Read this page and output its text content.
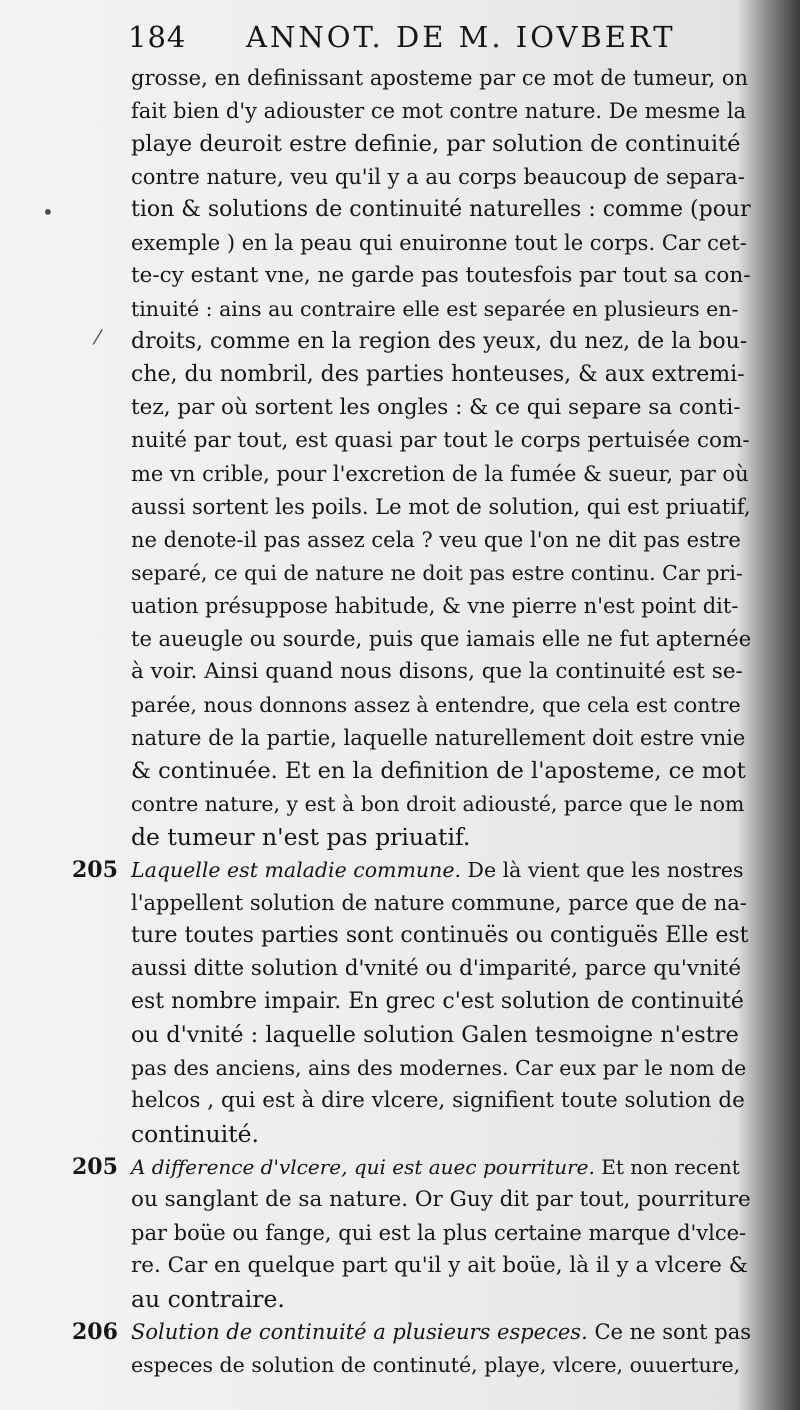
184 ANNOT. DE M. IOVBERT
grosse, en definissant aposteme par ce mot de tumeur, on
fait bien d'y adiouster ce mot contre nature. De mesme la
playe deuroit estre definie, par solution de continuité
contre nature, veu qu'il y a au corps beaucoup de separa-
tion & solutions de continuité naturelles : comme (pour
exemple ) en la peau qui enuironne tout le corps. Car cet-
te-cy estant vne, ne garde pas toutesfois par tout sa con-
tinuité : ains au contraire elle est separée en plusieurs en-
droits, comme en la region des yeux, du nez, de la bou-
che, du nombril, des parties honteuses, & aux extremi-
tez, par où sortent les ongles : & ce qui separe sa conti-
nuité par tout, est quasi par tout le corps pertuisée com-
me vn crible, pour l'excretion de la fumée & sueur, par où
aussi sortent les poils. Le mot de solution, qui est priuatif,
ne denote-il pas assez cela ? veu que l'on ne dit pas estre
separé, ce qui de nature ne doit pas estre continu. Car pri-
uation présuppose habitude, & vne pierre n'est point dit-
te aueugle ou sourde, puis que iamais elle ne fut apternée
à voir. Ainsi quand nous disons, que la continuité est se-
parée, nous donnons assez à entendre, que cela est contre
nature de la partie, laquelle naturellement doit estre vnie
& continuée. Et en la definition de l'aposteme, ce mot
contre nature, y est à bon droit adiousté, parce que le nom
de tumeur n'est pas priuatif.
205 Laquelle est maladie commune. De là vient que les nostres
l'appellent solution de nature commune, parce que de na-
ture toutes parties sont continuës ou contiguës Elle est
aussi ditte solution d'vnité ou d'imparité, parce qu'vnité
est nombre impair. En grec c'est solution de continuité
ou d'vnité : laquelle solution Galen tesmoigne n'estre
pas des anciens, ains des modernes. Car eux par le nom de
helcos , qui est à dire vlcere, signifient toute solution de
continuité.
205 A difference d'vlcere, qui est auec pourriture. Et non recent
ou sanglant de sa nature. Or Guy dit par tout, pourriture
par boüe ou fange, qui est la plus certaine marque d'vlce-
re. Car en quelque part qu'il y ait boüe, là il y a vlcere &
au contraire.
206 Solution de continuité a plusieurs especes. Ce ne sont pas
especes de solution de continuté, playe, vlcere, ouuerture,
•
⁄
